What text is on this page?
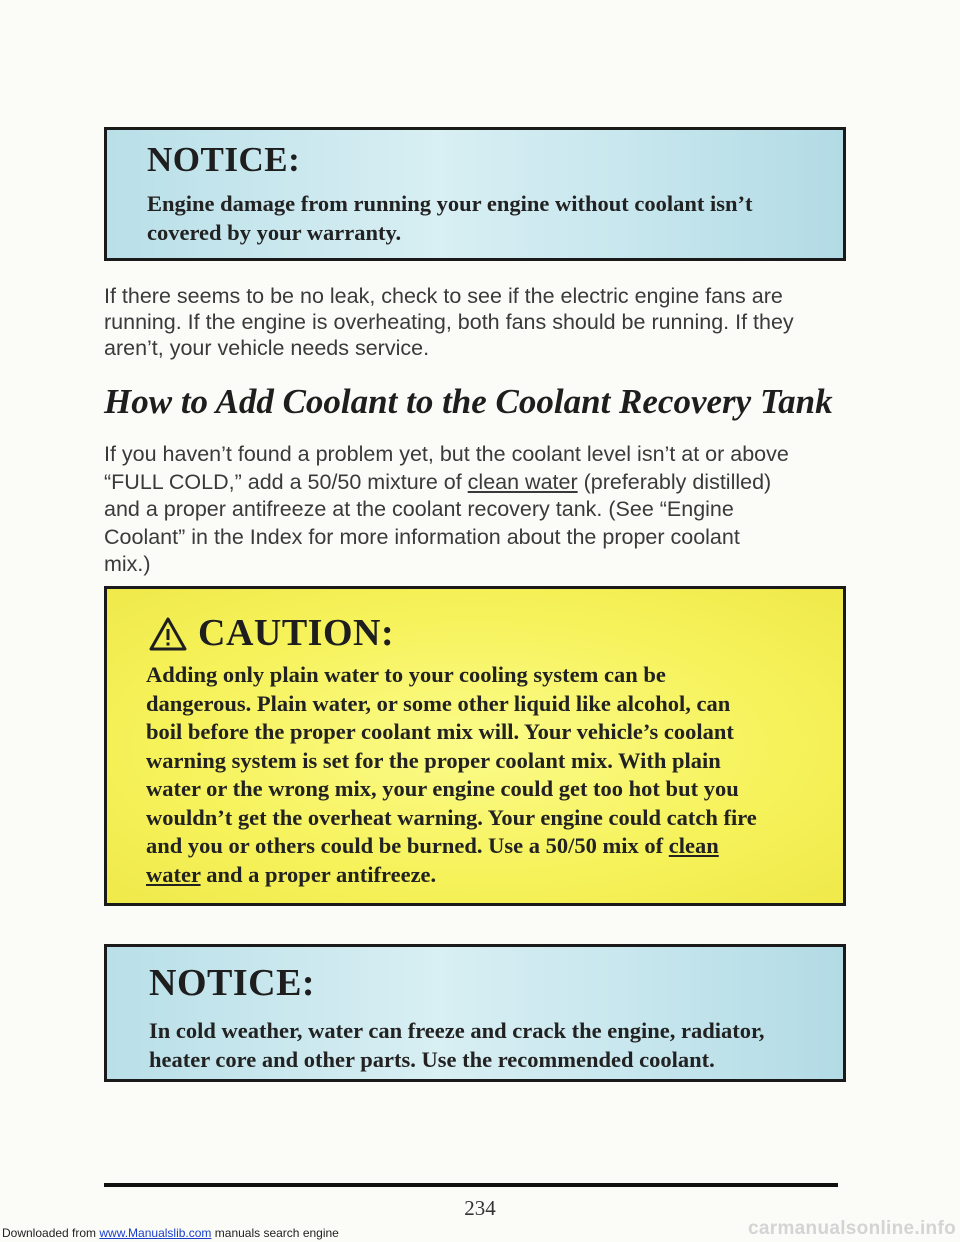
NOTICE:
Engine damage from running your engine without coolant isn’t
covered by your warranty.
If there seems to be no leak, check to see if the electric engine fans are
running. If the engine is overheating, both fans should be running. If they
aren’t, your vehicle needs service.
How to Add Coolant to the Coolant Recovery Tank
If you haven’t found a problem yet, but the coolant level isn’t at or above
“FULL COLD,” add a 50/50 mixture of clean water (preferably distilled)
and a proper antifreeze at the coolant recovery tank. (See “Engine
Coolant” in the Index for more information about the proper coolant
mix.)
CAUTION:
Adding only plain water to your cooling system can be
dangerous. Plain water, or some other liquid like alcohol, can
boil before the proper coolant mix will. Your vehicle’s coolant
warning system is set for the proper coolant mix. With plain
water or the wrong mix, your engine could get too hot but you
wouldn’t get the overheat warning. Your engine could catch fire
and you or others could be burned. Use a 50/50 mix of clean
water and a proper antifreeze.
NOTICE:
In cold weather, water can freeze and crack the engine, radiator,
heater core and other parts. Use the recommended coolant.
234
Downloaded from www.Manualslib.com manuals search engine	carmanualsonline.info
